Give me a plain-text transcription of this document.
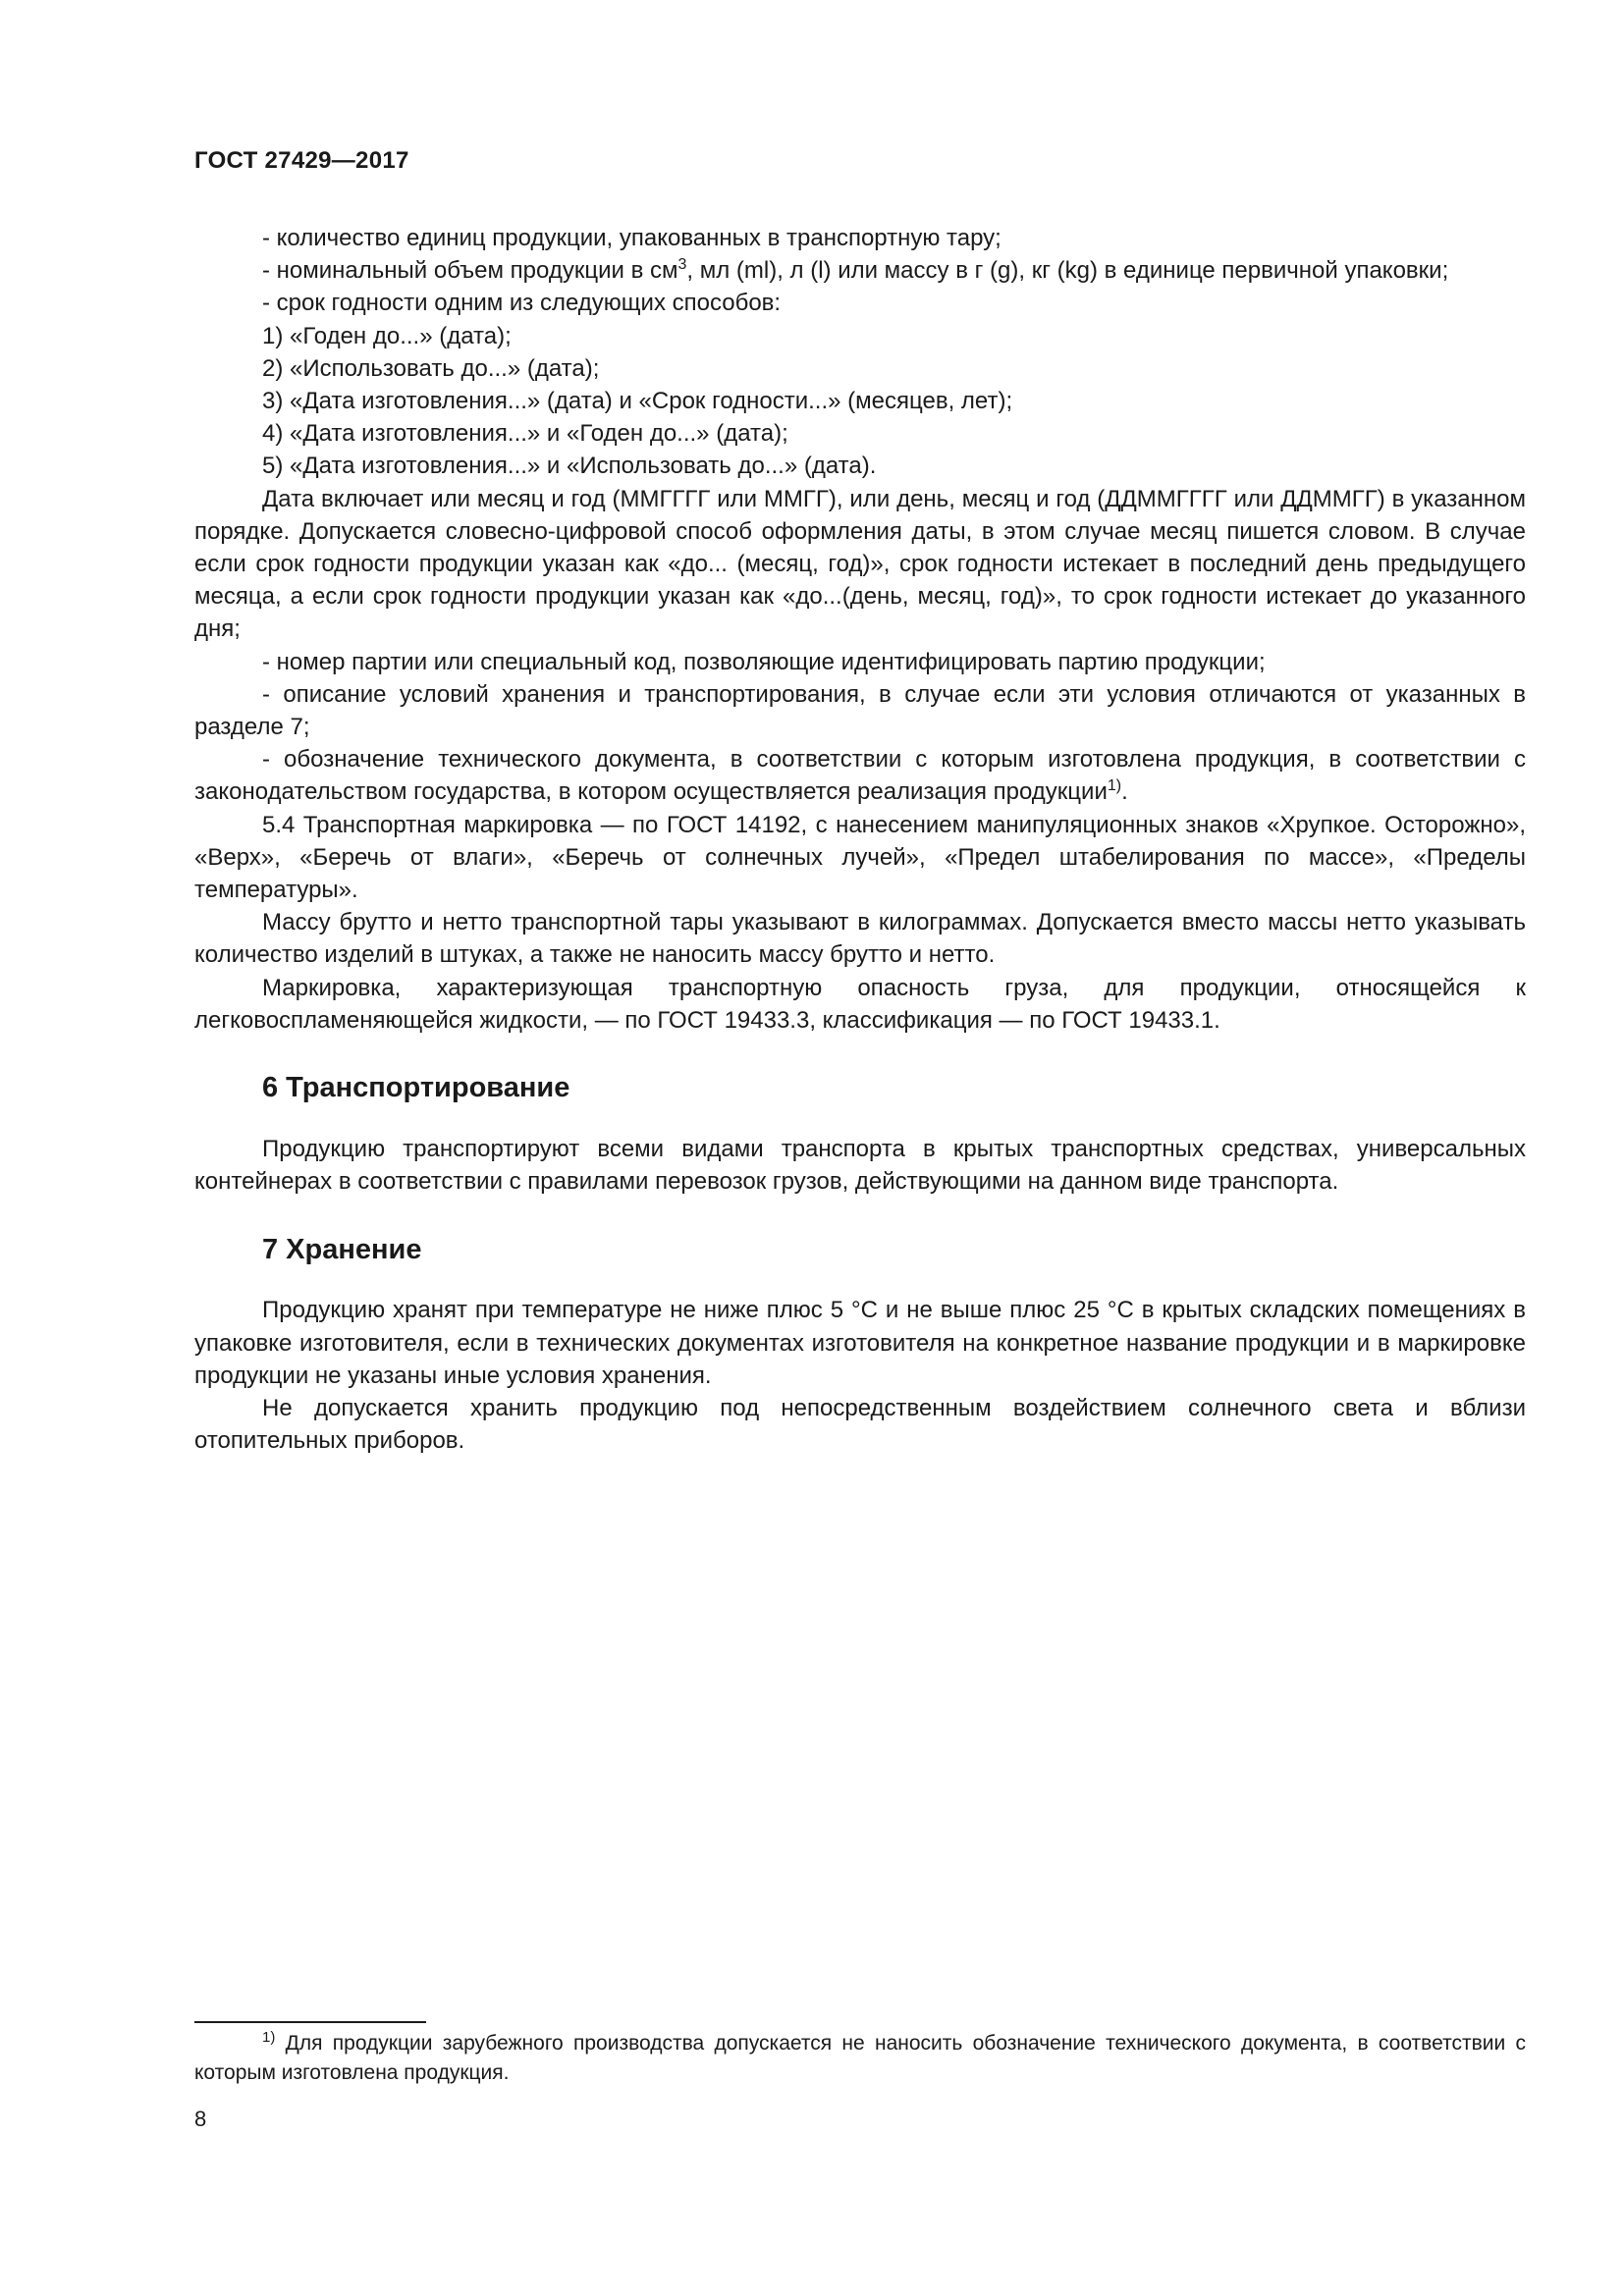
ГОСТ 27429—2017

- количество единиц продукции, упакованных в транспортную тару;

- номинальный объем продукции в $см^3$, мл (ml), л (l) или массу в г (g), кг (kg) в единице первичной упаковки;

- срок годности одним из следующих способов:

1) «Годен до...» (дата);

2) «Использовать до...» (дата);

3) «Дата изготовления...» (дата) и «Срок годности...» (месяцев, лет);

4) «Дата изготовления...» и «Годен до...» (дата);

5) «Дата изготовления...» и «Использовать до...» (дата).

Дата включает или месяц и год (ММГГГГ или ММГГ), или день, месяц и год (ДДММГГГГ или ДДММГГ) в указанном порядке. Допускается словесно-цифровой способ оформления даты, в этом случае месяц пишется словом. В случае если срок годности продукции указан как «до... (месяц, год)», срок годности истекает в последний день предыдущего месяца, а если срок годности продукции указан как «до...(день, месяц, год)», то срок годности истекает до указанного дня;

- номер партии или специальный код, позволяющие идентифицировать партию продукции;

- описание условий хранения и транспортирования, в случае если эти условия отличаются от указанных в разделе 7;

- обозначение технического документа, в соответствии с которым изготовлена продукция, в соответствии с законодательством государства, в котором осуществляется реализация продукции$^{1)}$.

5.4 Транспортная маркировка — по ГОСТ 14192, с нанесением манипуляционных знаков «Хрупкое. Осторожно», «Верх», «Беречь от влаги», «Беречь от солнечных лучей», «Предел штабелирования по массе», «Пределы температуры».

Массу брутто и нетто транспортной тары указывают в килограммах. Допускается вместо массы нетто указывать количество изделий в штуках, а также не наносить массу брутто и нетто.

Маркировка, характеризующая транспортную опасность груза, для продукции, относящейся к легковоспламеняющейся жидкости, — по ГОСТ 19433.3, классификация — по ГОСТ 19433.1.

6 Транспортирование

Продукцию транспортируют всеми видами транспорта в крытых транспортных средствах, универсальных контейнерах в соответствии с правилами перевозок грузов, действующими на данном виде транспорта.

7 Хранение

Продукцию хранят при температуре не ниже плюс 5 °С и не выше плюс 25 °С в крытых складских помещениях в упаковке изготовителя, если в технических документах изготовителя на конкретное название продукции и в маркировке продукции не указаны иные условия хранения.

Не допускается хранить продукцию под непосредственным воздействием солнечного света и вблизи отопительных приборов.

$^{1)}$ Для продукции зарубежного производства допускается не наносить обозначение технического документа, в соответствии с которым изготовлена продукция.
8
